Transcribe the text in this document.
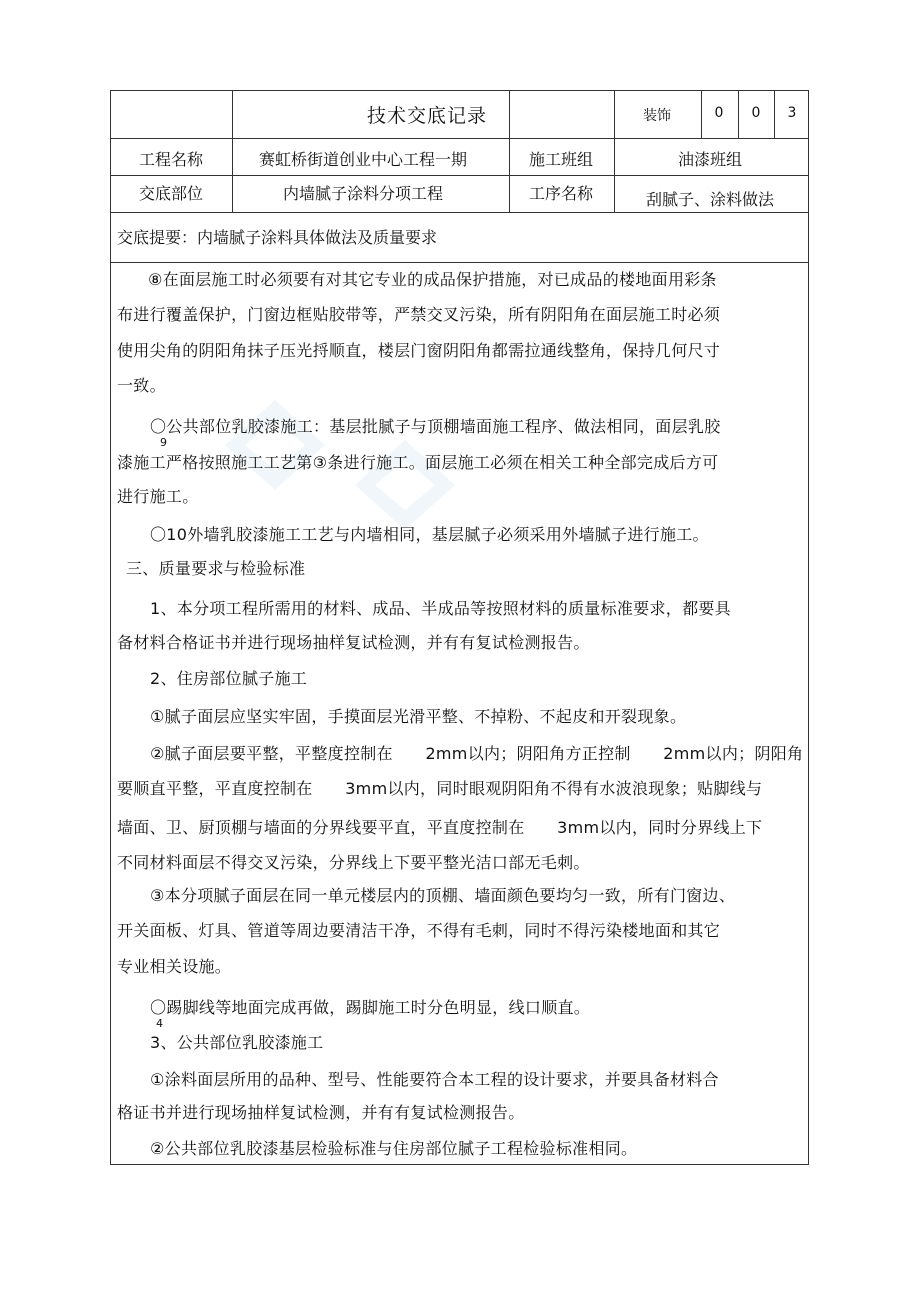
技术交底记录	装饰	0 0 3
工程名称	赛虹桥街道创业中心工程一期	施工班组	油漆班组
交底部位	内墙腻子涂料分项工程	工序名称	刮腻子、涂料做法
交底提要：内墙腻子涂料具体做法及质量要求
⑧在面层施工时必须要有对其它专业的成品保护措施，对已成品的楼地面用彩条
布进行覆盖保护，门窗边框贴胶带等，严禁交叉污染，所有阴阳角在面层施工时必须
使用尖角的阴阳角抹子压光捋顺直，楼层门窗阴阳角都需拉通线整角，保持几何尺寸
一致。
〇公共部位乳胶漆施工：基层批腻子与顶棚墙面施工程序、做法相同，面层乳胶
9
漆施工严格按照施工工艺第③条进行施工。面层施工必须在相关工种全部完成后方可
进行施工。
〇10外墙乳胶漆施工工艺与内墙相同，基层腻子必须采用外墙腻子进行施工。
三、质量要求与检验标准
1、本分项工程所需用的材料、成品、半成品等按照材料的质量标准要求，都要具
备材料合格证书并进行现场抽样复试检测，并有有复试检测报告。
2、住房部位腻子施工
①腻子面层应坚实牢固，手摸面层光滑平整、不掉粉、不起皮和开裂现象。
②腻子面层要平整，平整度控制在　　2mm以内；阴阳角方正控制　　2mm以内；阴阳角
要顺直平整，平直度控制在　　3mm以内，同时眼观阴阳角不得有水波浪现象；贴脚线与
墙面、卫、厨顶棚与墙面的分界线要平直，平直度控制在　　3mm以内，同时分界线上下
不同材料面层不得交叉污染，分界线上下要平整光洁口部无毛刺。
③本分项腻子面层在同一单元楼层内的顶棚、墙面颜色要均匀一致，所有门窗边、
开关面板、灯具、管道等周边要清洁干净，不得有毛刺，同时不得污染楼地面和其它
专业相关设施。
〇踢脚线等地面完成再做，踢脚施工时分色明显，线口顺直。
4
3、公共部位乳胶漆施工
①涂料面层所用的品种、型号、性能要符合本工程的设计要求，并要具备材料合
格证书并进行现场抽样复试检测，并有有复试检测报告。
②公共部位乳胶漆基层检验标准与住房部位腻子工程检验标准相同。
